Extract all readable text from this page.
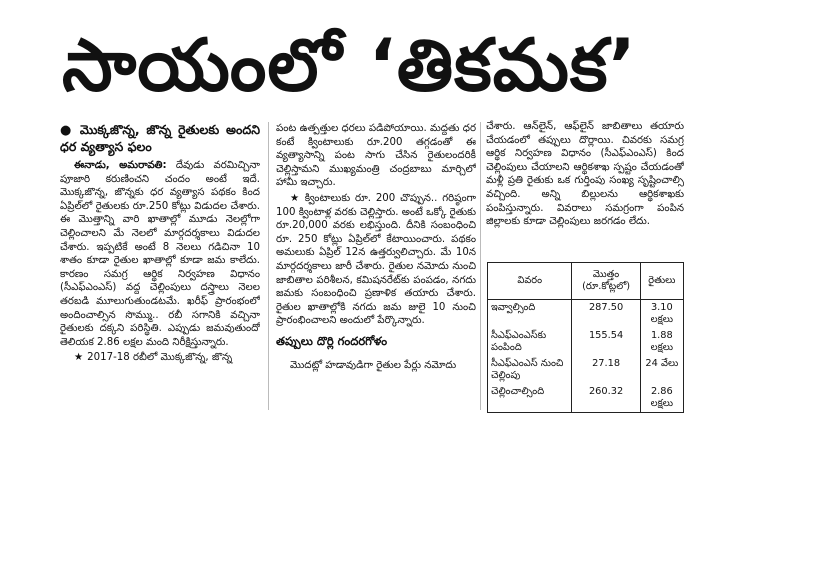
సాయంలో ‘తికమక’
● మొక్కజొన్న, జొన్న రైతులకు అందని ధర వ్యత్యాస ఫలం

ఈనాడు, అమరావతి: దేవుడు వరమిచ్చినా పూజారి కరుణించని చందం అంటే ఇదే. మొక్కజొన్న, జొన్నకు ధర వ్యత్యాస పథకం కింద ఏప్రిల్‌లో రైతులకు రూ.250 కోట్లు విడుదల చేశారు. ఈ మొత్తాన్ని వారి ఖాతాల్లో మూడు నెలల్లోగా చెల్లించాలని మే నెలలో మార్గదర్శకాలు విడుదల చేశారు. ఇప్పటికే అంటే 8 నెలలు గడిచినా 10 శాతం కూడా రైతుల ఖాతాల్లో కూడా జమ కాలేదు. కారణం సమగ్ర ఆర్థిక నిర్వహణ విధానం (సీఎఫ్‌ఎంఎస్‌) వద్ద చెల్లింపులు దస్త్రాలు నెలల తరబడి మూలుగుతుండటమే. ఖరీఫ్‌ ప్రారంభంలో అందించాల్సిన సొమ్ము.. రబీ సగానికి వచ్చినా రైతులకు దక్కని పరిస్థితి. ఎప్పుడు జమవుతుందో తెలియక 2.86 లక్షల మంది నిరీక్షిస్తున్నారు.

★ 2017-18 రబీలో మొక్కజొన్న, జొన్న

పంట ఉత్పత్తుల ధరలు పడిపోయాయి. మద్దతు ధర కంటే క్వింటాలుకు రూ.200 తగ్గడంతో ఈ వ్యత్యాసాన్ని పంట సాగు చేసిన రైతులందరికీ చెల్లిస్తామని ముఖ్యమంత్రి చంద్రబాబు మార్చిలో హామీ ఇచ్చారు.

★ క్వింటాలుకు రూ. 200 చొప్పున.. గరిష్ఠంగా 100 క్వింటాళ్ల వరకు చెల్లిస్తారు. అంటే ఒక్కో రైతుకు రూ.20,000 వరకు లభిస్తుంది. దీనికి సంబంధించి రూ. 250 కోట్లు ఏప్రిల్‌లో కేటాయించారు. పథకం అమలుకు ఏప్రిల్‌ 12న ఉత్తర్వులిచ్చారు. మే 10న మార్గదర్శకాలు జారీ చేశారు. రైతుల నమోదు నుంచి జాబితాల పరిశీలన, కమిషనరేట్‌కు పంపడం, నగదు జమకు సంబంధించి ప్రణాళిక తయారు చేశారు. రైతుల ఖాతాల్లోకి నగదు జమ జులై 10 నుంచి ప్రారంభించాలని అందులో పేర్కొన్నారు.

తప్పులు దొర్లి గందరగోళం

మొదట్లో హడావుడిగా రైతుల పేర్లు నమోదు

చేశారు. ఆన్‌లైన్‌, ఆఫ్‌లైన్‌ జాబితాలు తయారు చేయడంలో తప్పులు దొర్లాయి. చివరకు సమగ్ర ఆర్థిక నిర్వహణ విధానం (సీఎఫ్‌ఎంఎస్‌) కింద చెల్లింపులు చేయాలని ఆర్థికశాఖ స్పష్టం చేయడంతో మళ్లీ ప్రతి రైతుకు ఒక గుర్తింపు సంఖ్య సృష్టించాల్సి వచ్చింది. అన్ని బిల్లులను ఆర్థికశాఖకు పంపిస్తున్నారు. వివరాలు సమగ్రంగా పంపిన జిల్లాలకు కూడా చెల్లింపులు జరగడం లేదు.

వివరం	మొత్తం (రూ.కోట్లలో)	రైతులు
ఇవ్వాల్సింది	287.50	3.10 లక్షలు
సీఎఫ్‌ఎంఎస్‌కు పంపింది	155.54	1.88 లక్షలు
సీఎఫ్‌ఎంఎస్‌ నుంచి చెల్లింపు	27.18	24 వేలు
చెల్లించాల్సింది	260.32	2.86 లక్షలు
